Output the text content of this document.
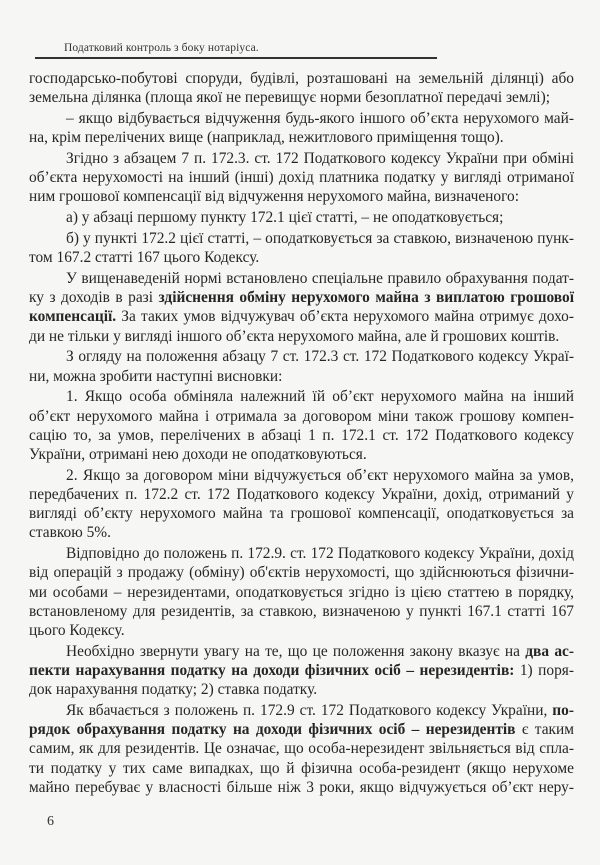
Податковий контроль з боку нотаріуса.
господарсько-побутові споруди, будівлі, розташовані на земельній ділянці) або
земельна ділянка (площа якої не перевищує норми безоплатної передачі землі);
– якщо відбувається відчуження будь-якого іншого об’єкта нерухомого май-
на, крім перелічених вище (наприклад, нежитлового приміщення тощо).
Згідно з абзацем 7 п. 172.3. ст. 172 Податкового кодексу України при обміні
об’єкта нерухомості на інший (інші) дохід платника податку у вигляді отриманої
ним грошової компенсації від відчуження нерухомого майна, визначеного:
а) у абзаці першому пункту 172.1 цієї статті, – не оподатковується;
б) у пункті 172.2 цієї статті, – оподатковується за ставкою, визначеною пунк-
том 167.2 статті 167 цього Кодексу.
У вищенаведеній нормі встановлено спеціальне правило обрахування подат-
ку з доходів в разі здійснення обміну нерухомого майна з виплатою грошової
компенсації. За таких умов відчужувач об’єкта нерухомого майна отримує дохо-
ди не тільки у вигляді іншого об’єкта нерухомого майна, але й грошових коштів.
З огляду на положення абзацу 7 ст. 172.3 ст. 172 Податкового кодексу Украї-
ни, можна зробити наступні висновки:
1. Якщо особа обміняла належний їй об’єкт нерухомого майна на інший
об’єкт нерухомого майна і отримала за договором міни також грошову компен-
сацію то, за умов, перелічених в абзаці 1 п. 172.1 ст. 172 Податкового кодексу
України, отримані нею доходи не оподатковуються.
2. Якщо за договором міни відчужується об’єкт нерухомого майна за умов,
передбачених п. 172.2 ст. 172 Податкового кодексу України, дохід, отриманий у
вигляді об’єкту нерухомого майна та грошової компенсації, оподатковується за
ставкою 5%.
Відповідно до положень п. 172.9. ст. 172 Податкового кодексу України, дохід
від операцій з продажу (обміну) об'єктів нерухомості, що здійснюються фізични-
ми особами – нерезидентами, оподатковується згідно із цією статтею в порядку,
встановленому для резидентів, за ставкою, визначеною у пункті 167.1 статті 167
цього Кодексу.
Необхідно звернути увагу на те, що це положення закону вказує на два ас-
пекти нарахування податку на доходи фізичних осіб – нерезидентів: 1) поря-
док нарахування податку; 2) ставка податку.
Як вбачається з положень п. 172.9 ст. 172 Податкового кодексу України, по-
рядок обрахування податку на доходи фізичних осіб – нерезидентів є таким
самим, як для резидентів. Це означає, що особа-нерезидент звільняється від спла-
ти податку у тих саме випадках, що й фізична особа-резидент (якщо нерухоме
майно перебуває у власності більше ніж 3 роки, якщо відчужується об’єкт неру-
6
